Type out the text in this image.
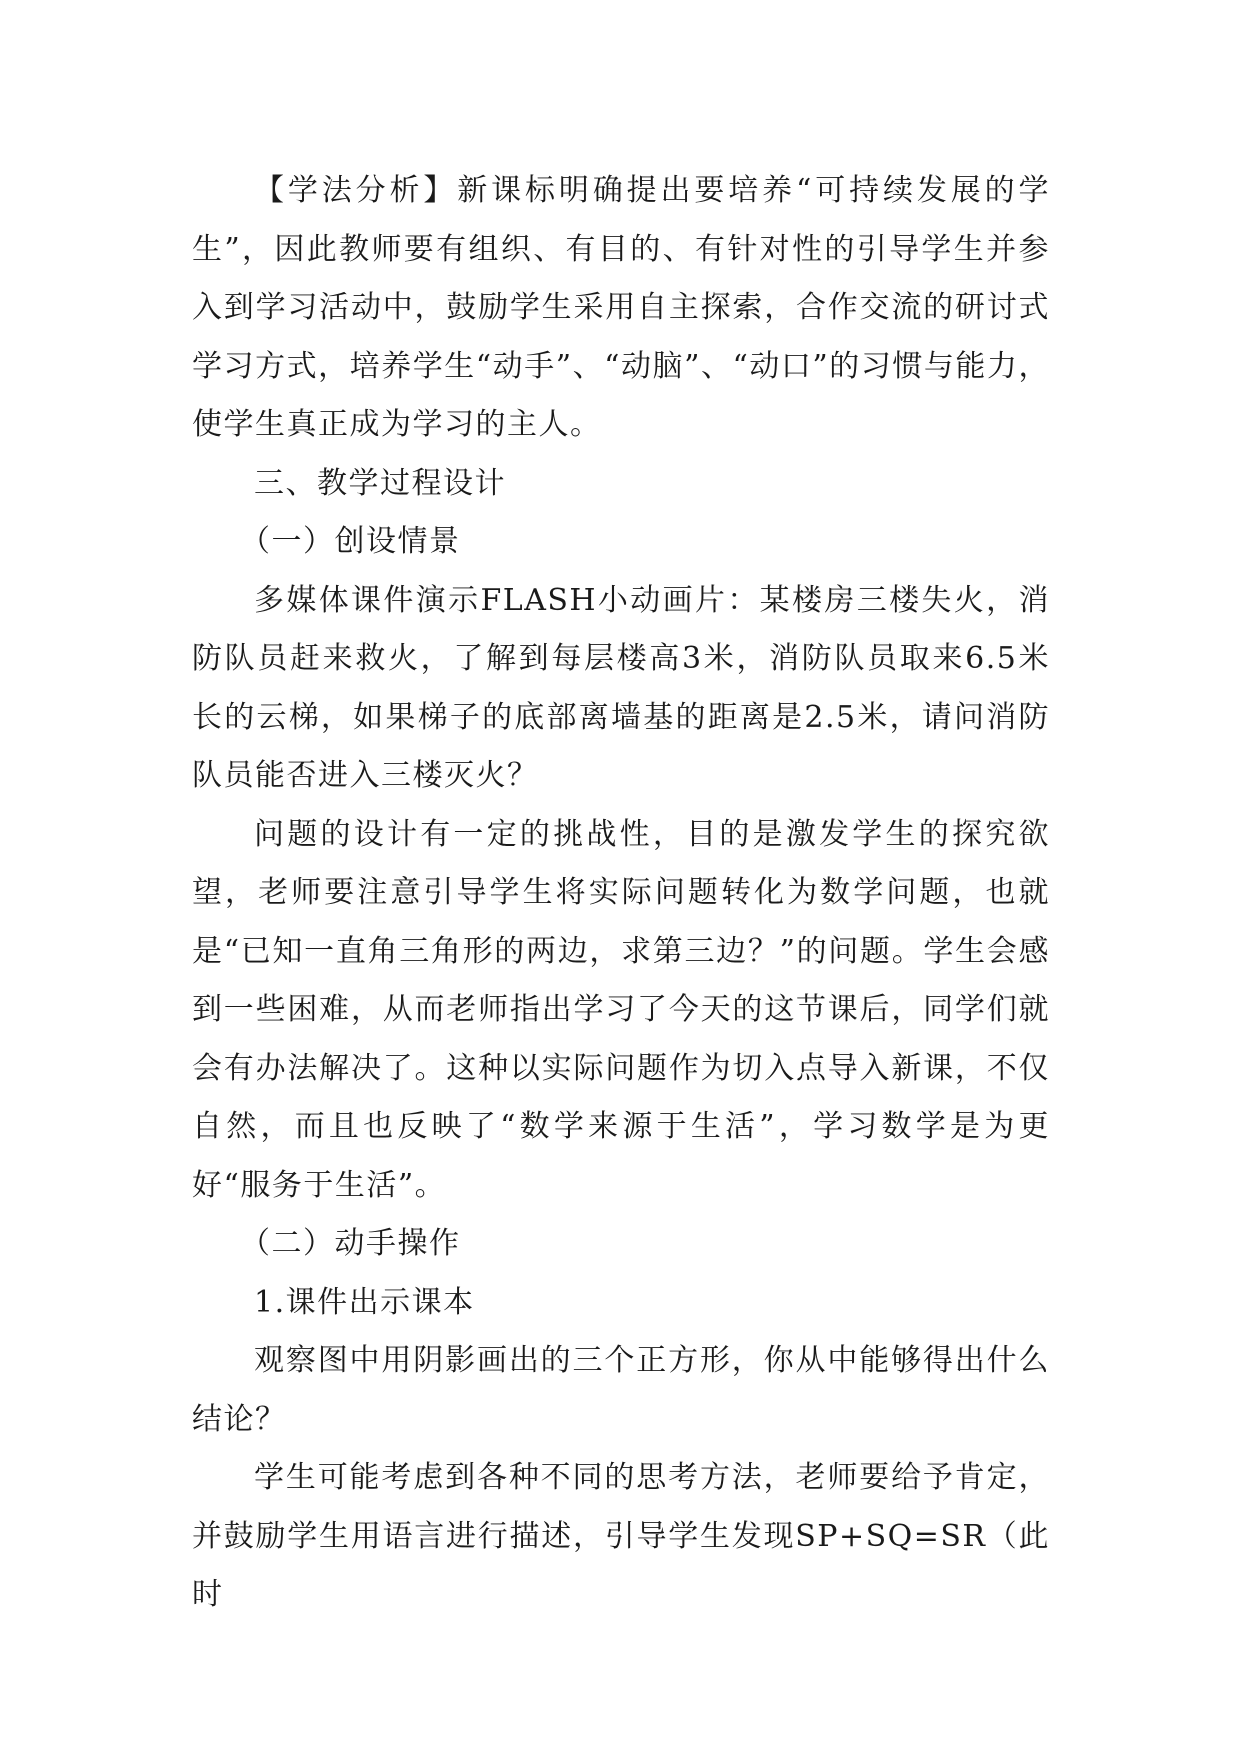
【学法分析】新课标明确提出要培养“可持续发展的学生”，因此教师要有组织、有目的、有针对性的引导学生并参入到学习活动中，鼓励学生采用自主探索，合作交流的研讨式学习方式，培养学生“动手”、“动脑”、“动口”的习惯与能力，使学生真正成为学习的主人。

三、教学过程设计

（一）创设情景

多媒体课件演示FLASH小动画片：某楼房三楼失火，消防队员赶来救火，了解到每层楼高3米，消防队员取来6.5米长的云梯，如果梯子的底部离墙基的距离是2.5米，请问消防队员能否进入三楼灭火？

问题的设计有一定的挑战性，目的是激发学生的探究欲望，老师要注意引导学生将实际问题转化为数学问题，也就是“已知一直角三角形的两边，求第三边？”的问题。学生会感到一些困难，从而老师指出学习了今天的这节课后，同学们就会有办法解决了。这种以实际问题作为切入点导入新课，不仅自然，而且也反映了“数学来源于生活”，学习数学是为更好“服务于生活”。

（二）动手操作

1.课件出示课本

观察图中用阴影画出的三个正方形，你从中能够得出什么结论？

学生可能考虑到各种不同的思考方法，老师要给予肯定，并鼓励学生用语言进行描述，引导学生发现SP+SQ=SR（此时
